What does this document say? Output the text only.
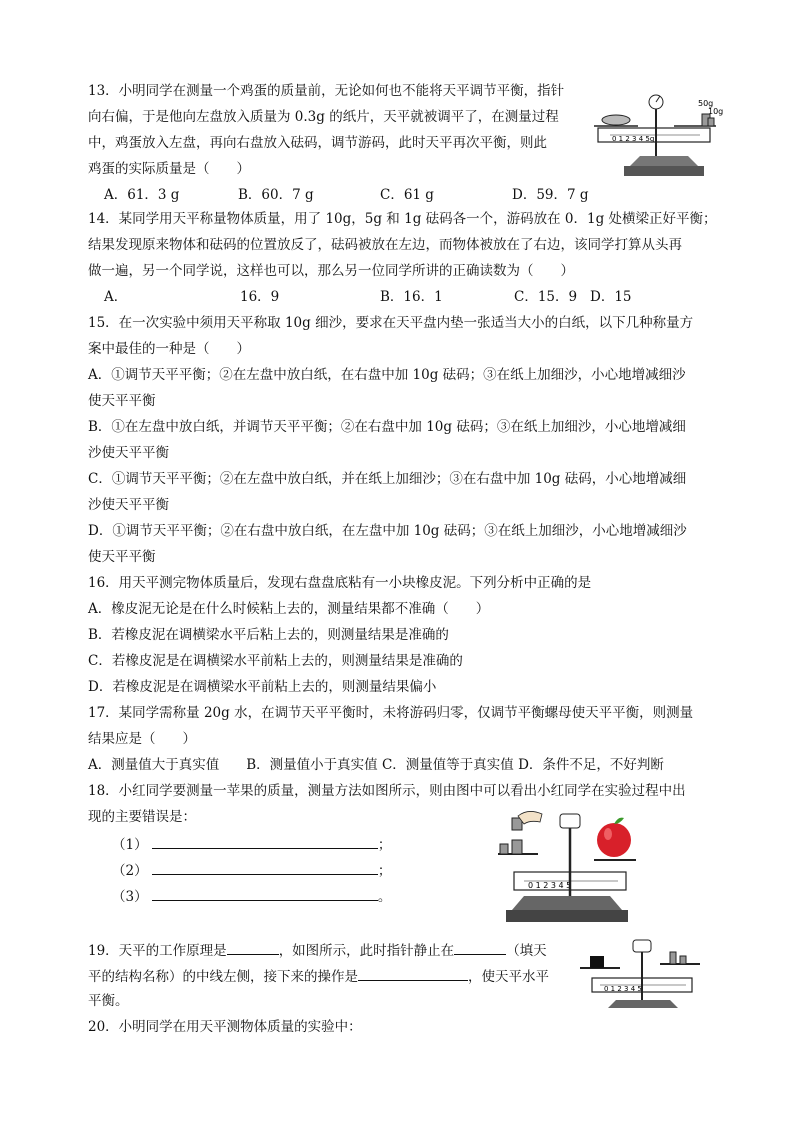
13．小明同学在测量一个鸡蛋的质量前，无论如何也不能将天平调节平衡，指针
向右偏，于是他向左盘放入质量为 0.3g 的纸片，天平就被调平了，在测量过程
中，鸡蛋放入左盘，再向右盘放入砝码，调节游码，此时天平再次平衡，则此
鸡蛋的实际质量是（　　）
A．61．3 g	B．60．7 g	C．61 g	D．59．7 g
0 1 2 3 4 5g
50g
10g
14．某同学用天平称量物体质量，用了 10g，5g 和 1g 砝码各一个，游码放在 0．1g 处横梁正好平衡；
结果发现原来物体和砝码的位置放反了，砝码被放在左边，而物体被放在了右边，该同学打算从头再
做一遍，另一个同学说，这样也可以，那么另一位同学所讲的正确读数为（　　）
A．	16．9	B．16．1	C．15．9 D．15
15．在一次实验中须用天平称取 10g 细沙，要求在天平盘内垫一张适当大小的白纸，以下几种称量方
案中最佳的一种是（　　）
A．①调节天平平衡；②在左盘中放白纸，在右盘中加 10g 砝码；③在纸上加细沙，小心地增减细沙
使天平平衡
B．①在左盘中放白纸，并调节天平平衡；②在右盘中加 10g 砝码；③在纸上加细沙，小心地增减细
沙使天平平衡
C．①调节天平平衡；②在左盘中放白纸，并在纸上加细沙；③在右盘中加 10g 砝码，小心地增减细
沙使天平平衡
D．①调节天平平衡；②在右盘中放白纸，在左盘中加 10g 砝码；③在纸上加细沙，小心地增减细沙
使天平平衡
16．用天平测完物体质量后，发现右盘盘底粘有一小块橡皮泥。下列分析中正确的是
A．橡皮泥无论是在什么时候粘上去的，测量结果都不准确（　　）
B．若橡皮泥在调横梁水平后粘上去的，则测量结果是准确的
C．若橡皮泥是在调横梁水平前粘上去的，则测量结果是准确的
D．若橡皮泥是在调横梁水平前粘上去的，则测量结果偏小
17．某同学需称量 20g 水，在调节天平平衡时，未将游码归零，仅调节平衡螺母使天平平衡，则测量
结果应是（　　）
A．测量值大于真实值　　B．测量值小于真实值 C．测量值等于真实值 D．条件不足，不好判断
18．小红同学要测量一苹果的质量，测量方法如图所示，则由图中可以看出小红同学在实验过程中出
现的主要错误是：
（1）	；
（2）	；
（3）	。
0 1 2 3 4 5
19．天平的工作原理是	，如图所示，此时指针静止在	（填天
平的结构名称）的中线左侧，接下来的操作是	，使天平水平
平衡。
0 1 2 3 4 5
20．小明同学在用天平测物体质量的实验中：
